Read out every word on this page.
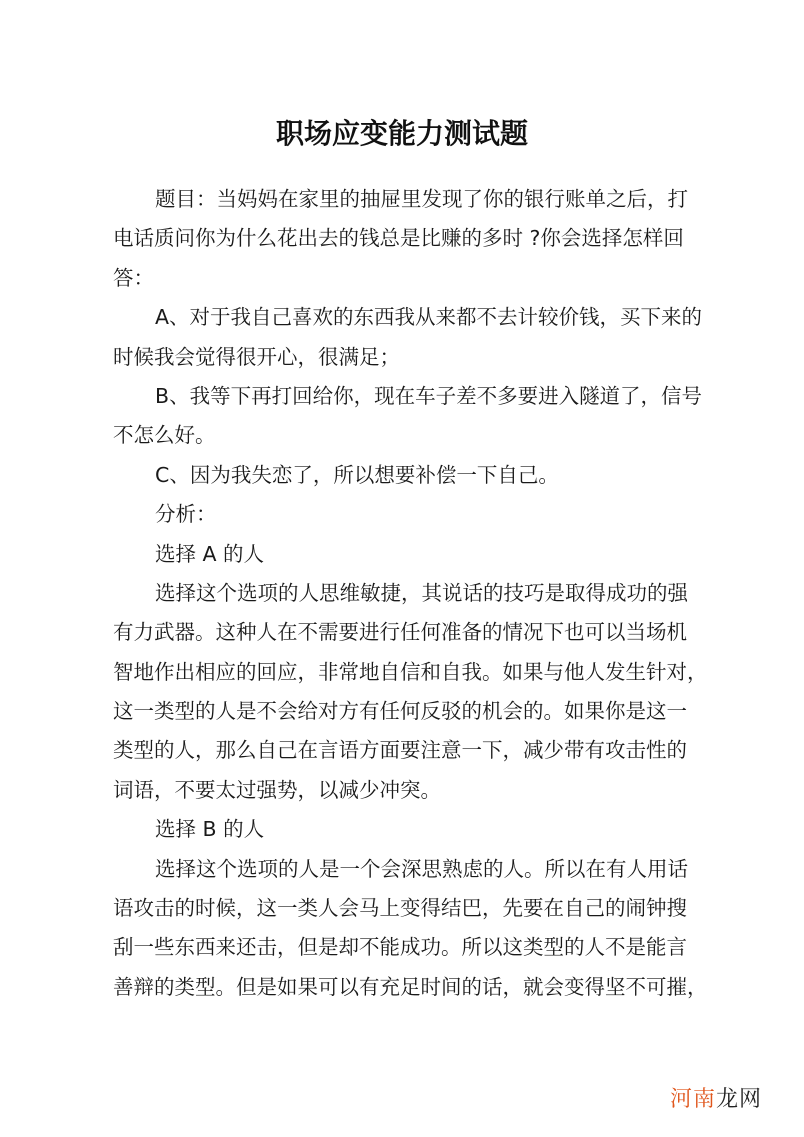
职场应变能力测试题
题目：当妈妈在家里的抽屉里发现了你的银行账单之后，打
电话质问你为什么花出去的钱总是比赚的多时 ?你会选择怎样回
答：
A、对于我自己喜欢的东西我从来都不去计较价钱，买下来的
时候我会觉得很开心，很满足；
B、我等下再打回给你，现在车子差不多要进入隧道了，信号
不怎么好。
C、因为我失恋了，所以想要补偿一下自己。
分析：
选择 A 的人
选择这个选项的人思维敏捷，其说话的技巧是取得成功的强
有力武器。这种人在不需要进行任何准备的情况下也可以当场机
智地作出相应的回应，非常地自信和自我。如果与他人发生针对，
这一类型的人是不会给对方有任何反驳的机会的。如果你是这一
类型的人，那么自己在言语方面要注意一下，减少带有攻击性的
词语，不要太过强势，以减少冲突。
选择 B 的人
选择这个选项的人是一个会深思熟虑的人。所以在有人用话
语攻击的时候，这一类人会马上变得结巴，先要在自己的闹钟搜
刮一些东西来还击，但是却不能成功。所以这类型的人不是能言
善辩的类型。但是如果可以有充足时间的话，就会变得坚不可摧，
河南龙网
